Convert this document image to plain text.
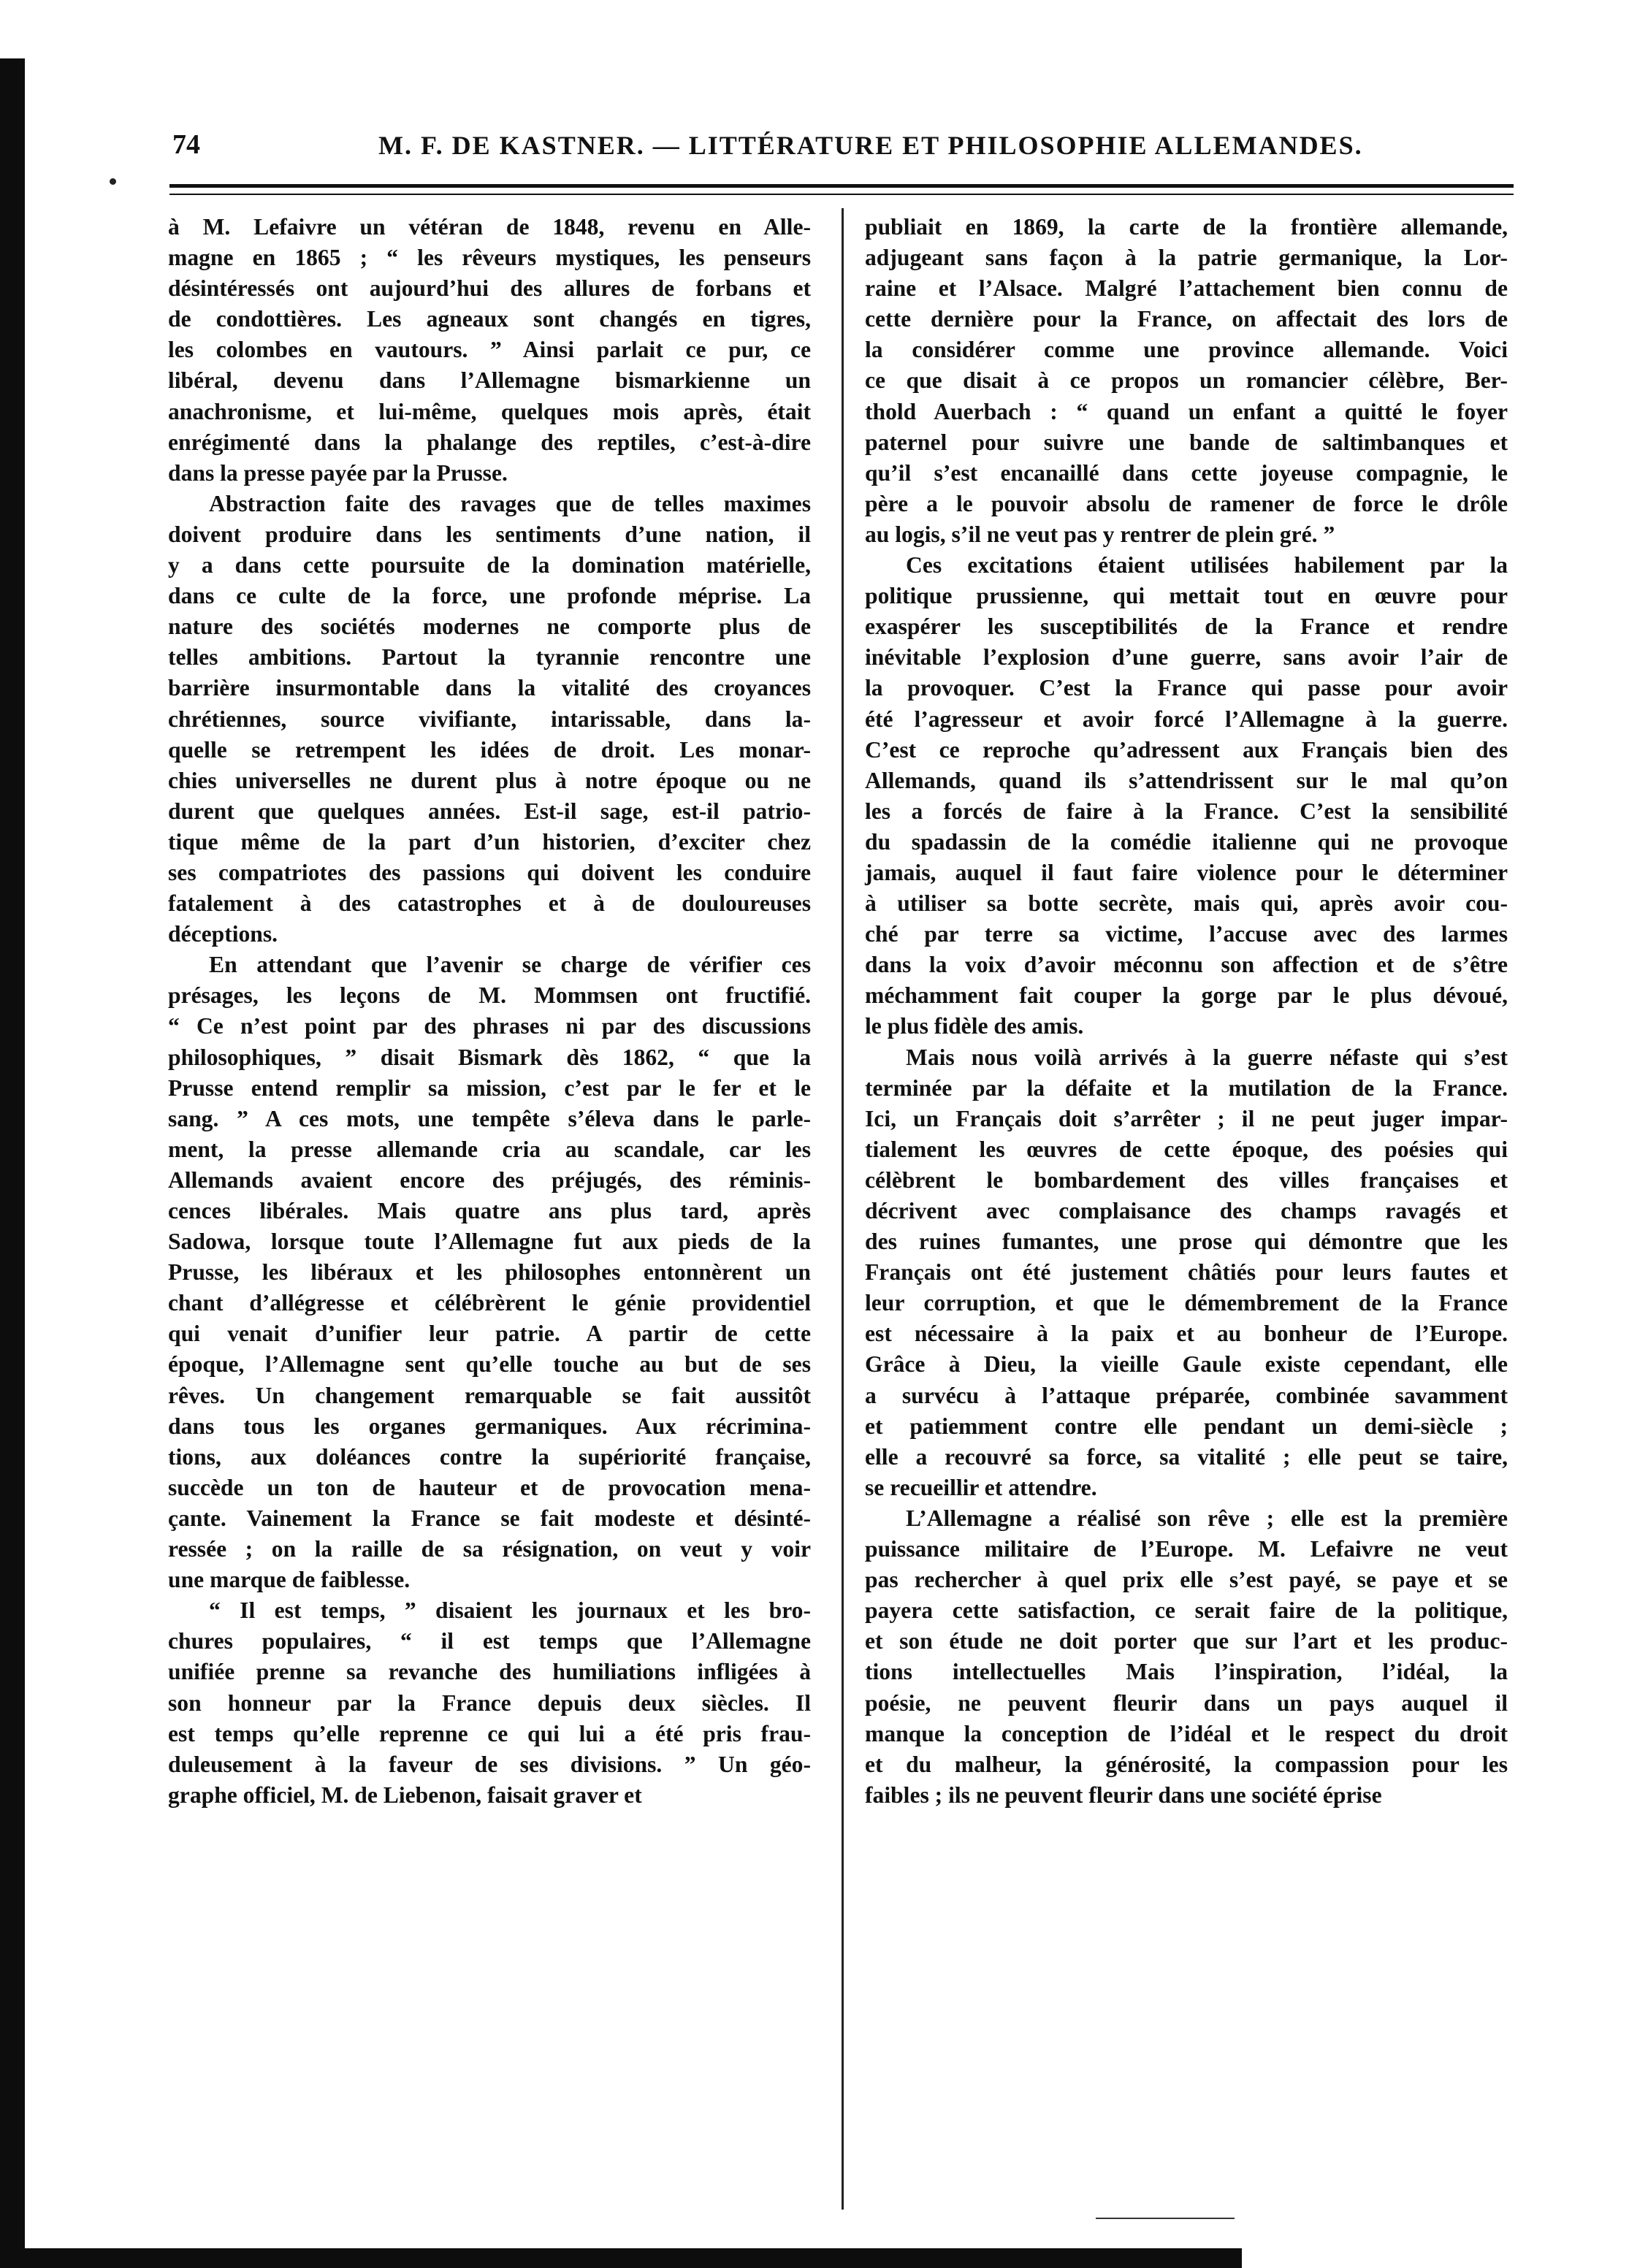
74	M. F. DE KASTNER. — LITTÉRATURE ET PHILOSOPHIE ALLEMANDES.

à M. Lefaivre un vétéran de 1848, revenu en Alle-
magne en 1865 ; “ les rêveurs mystiques, les penseurs
désintéressés ont aujourd’hui des allures de forbans et
de condottières. Les agneaux sont changés en tigres,
les colombes en vautours. ” Ainsi parlait ce pur, ce
libéral, devenu dans l’Allemagne bismarkienne un
anachronisme, et lui-même, quelques mois après, était
enrégimenté dans la phalange des reptiles, c’est-à-dire
dans la presse payée par la Prusse.

Abstraction faite des ravages que de telles maximes
doivent produire dans les sentiments d’une nation, il
y a dans cette poursuite de la domination matérielle,
dans ce culte de la force, une profonde méprise. La
nature des sociétés modernes ne comporte plus de
telles ambitions. Partout la tyrannie rencontre une
barrière insurmontable dans la vitalité des croyances
chrétiennes, source vivifiante, intarissable, dans la-
quelle se retrempent les idées de droit. Les monar-
chies universelles ne durent plus à notre époque ou ne
durent que quelques années. Est-il sage, est-il patrio-
tique même de la part d’un historien, d’exciter chez
ses compatriotes des passions qui doivent les conduire
fatalement à des catastrophes et à de douloureuses
déceptions.

En attendant que l’avenir se charge de vérifier ces
présages, les leçons de M. Mommsen ont fructifié.
“ Ce n’est point par des phrases ni par des discussions
philosophiques, ” disait Bismark dès 1862, “ que la
Prusse entend remplir sa mission, c’est par le fer et le
sang. ” A ces mots, une tempête s’éleva dans le parle-
ment, la presse allemande cria au scandale, car les
Allemands avaient encore des préjugés, des réminis-
cences libérales. Mais quatre ans plus tard, après
Sadowa, lorsque toute l’Allemagne fut aux pieds de la
Prusse, les libéraux et les philosophes entonnèrent un
chant d’allégresse et célébrèrent le génie providentiel
qui venait d’unifier leur patrie. A partir de cette
époque, l’Allemagne sent qu’elle touche au but de ses
rêves. Un changement remarquable se fait aussitôt
dans tous les organes germaniques. Aux récrimina-
tions, aux doléances contre la supériorité française,
succède un ton de hauteur et de provocation mena-
çante. Vainement la France se fait modeste et désinté-
ressée ; on la raille de sa résignation, on veut y voir
une marque de faiblesse.

“ Il est temps, ” disaient les journaux et les bro-
chures populaires, “ il est temps que l’Allemagne
unifiée prenne sa revanche des humiliations infligées à
son honneur par la France depuis deux siècles. Il
est temps qu’elle reprenne ce qui lui a été pris frau-
duleusement à la faveur de ses divisions. ” Un géo-
graphe officiel, M. de Liebenon, faisait graver et

publiait en 1869, la carte de la frontière allemande,
adjugeant sans façon à la patrie germanique, la Lor-
raine et l’Alsace. Malgré l’attachement bien connu de
cette dernière pour la France, on affectait des lors de
la considérer comme une province allemande. Voici
ce que disait à ce propos un romancier célèbre, Ber-
thold Auerbach : “ quand un enfant a quitté le foyer
paternel pour suivre une bande de saltimbanques et
qu’il s’est encanaillé dans cette joyeuse compagnie, le
père a le pouvoir absolu de ramener de force le drôle
au logis, s’il ne veut pas y rentrer de plein gré. ”

Ces excitations étaient utilisées habilement par la
politique prussienne, qui mettait tout en œuvre pour
exaspérer les susceptibilités de la France et rendre
inévitable l’explosion d’une guerre, sans avoir l’air de
la provoquer. C’est la France qui passe pour avoir
été l’agresseur et avoir forcé l’Allemagne à la guerre.
C’est ce reproche qu’adressent aux Français bien des
Allemands, quand ils s’attendrissent sur le mal qu’on
les a forcés de faire à la France. C’est la sensibilité
du spadassin de la comédie italienne qui ne provoque
jamais, auquel il faut faire violence pour le déterminer
à utiliser sa botte secrète, mais qui, après avoir cou-
ché par terre sa victime, l’accuse avec des larmes
dans la voix d’avoir méconnu son affection et de s’être
méchamment fait couper la gorge par le plus dévoué,
le plus fidèle des amis.

Mais nous voilà arrivés à la guerre néfaste qui s’est
terminée par la défaite et la mutilation de la France.
Ici, un Français doit s’arrêter ; il ne peut juger impar-
tialement les œuvres de cette époque, des poésies qui
célèbrent le bombardement des villes françaises et
décrivent avec complaisance des champs ravagés et
des ruines fumantes, une prose qui démontre que les
Français ont été justement châtiés pour leurs fautes et
leur corruption, et que le démembrement de la France
est nécessaire à la paix et au bonheur de l’Europe.
Grâce à Dieu, la vieille Gaule existe cependant, elle
a survécu à l’attaque préparée, combinée savamment
et patiemment contre elle pendant un demi-siècle ;
elle a recouvré sa force, sa vitalité ; elle peut se taire,
se recueillir et attendre.

L’Allemagne a réalisé son rêve ; elle est la première
puissance militaire de l’Europe. M. Lefaivre ne veut
pas rechercher à quel prix elle s’est payé, se paye et se
payera cette satisfaction, ce serait faire de la politique,
et son étude ne doit porter que sur l’art et les produc-
tions intellectuelles Mais l’inspiration, l’idéal, la
poésie, ne peuvent fleurir dans un pays auquel il
manque la conception de l’idéal et le respect du droit
et du malheur, la générosité, la compassion pour les
faibles ; ils ne peuvent fleurir dans une société éprise
